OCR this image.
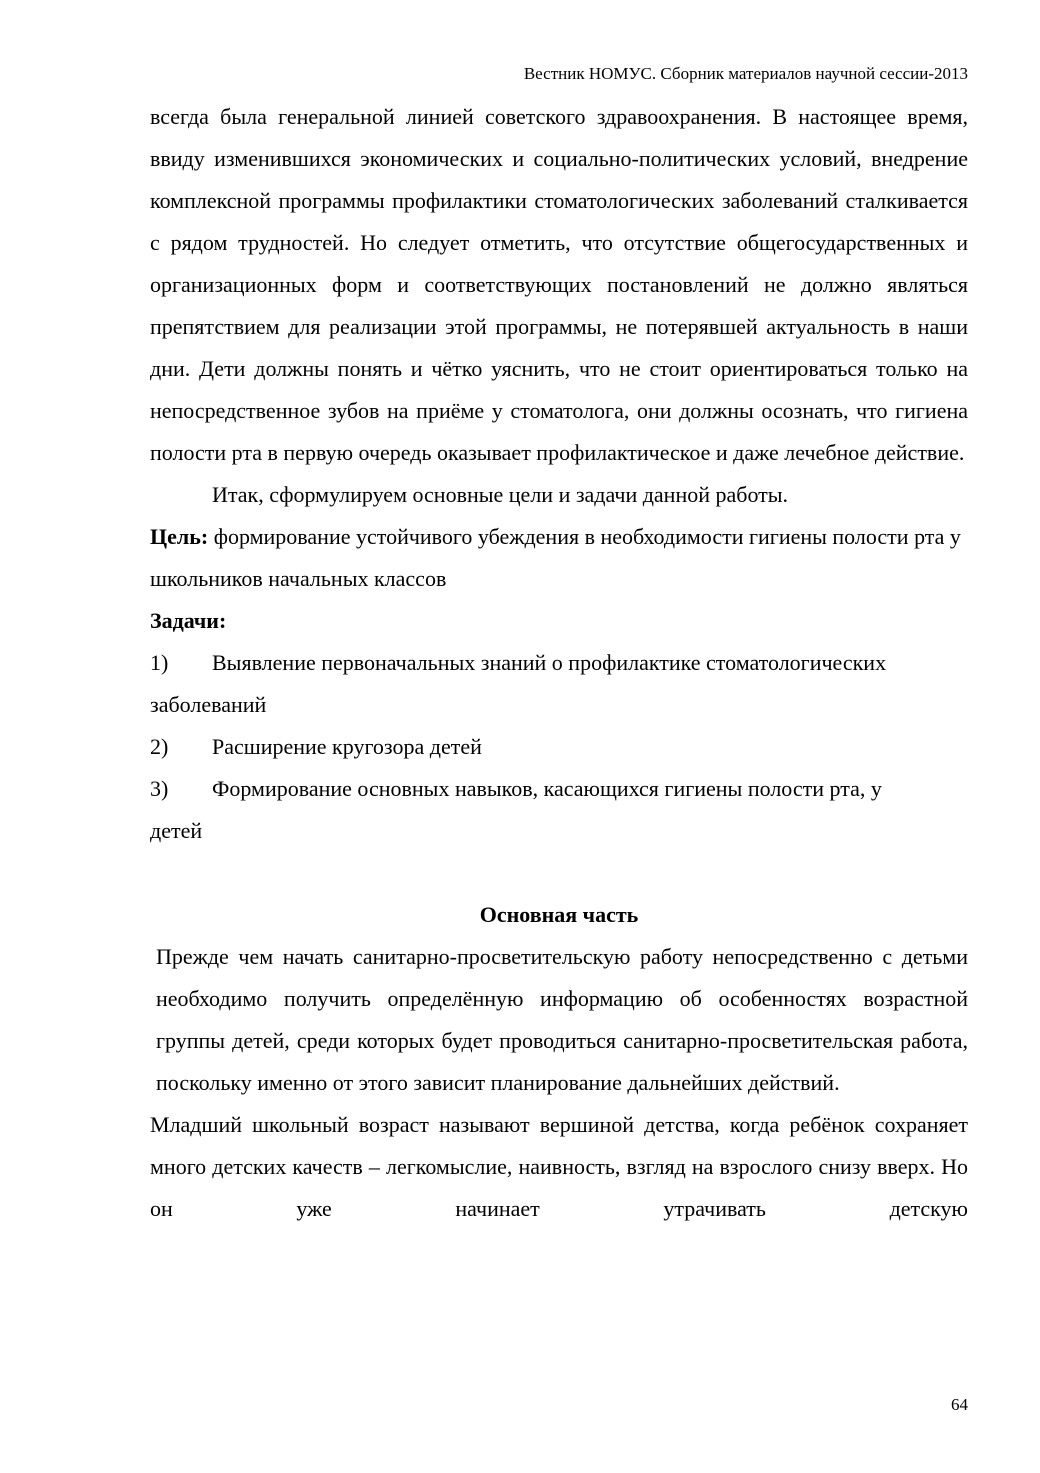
Вестник НОМУС. Сборник материалов научной сессии-2013

всегда была генеральной линией советского здравоохранения. В настоящее время, ввиду изменившихся экономических и социально-политических условий, внедрение комплексной программы профилактики стоматологических заболеваний сталкивается с рядом трудностей. Но следует отметить, что отсутствие общегосударственных и организационных форм и соответствующих постановлений не должно являться препятствием для реализации этой программы, не потерявшей актуальность в наши дни. Дети должны понять и чётко уяснить, что не стоит ориентироваться только на непосредственное зубов на приёме у стоматолога, они должны осознать, что гигиена полости рта в первую очередь оказывает профилактическое и даже лечебное действие.

Итак, сформулируем основные цели и задачи данной работы.

Цель: формирование устойчивого убеждения в необходимости гигиены полости рта у школьников начальных классов

Задачи:

1)	Выявление первоначальных знаний о профилактике стоматологических
заболеваний
2)	Расширение кругозора детей
3)	Формирование основных навыков, касающихся гигиены полости рта, у
детей

Основная часть

Прежде чем начать санитарно-просветительскую работу непосредственно с детьми необходимо получить определённую информацию об особенностях возрастной группы детей, среди которых будет проводиться санитарно-просветительская работа, поскольку именно от этого зависит планирование дальнейших действий.

Младший школьный возраст называют вершиной детства, когда ребёнок сохраняет много детских качеств – легкомыслие, наивность, взгляд на взрослого снизу вверх. Но он уже начинает утрачивать детскую

64
